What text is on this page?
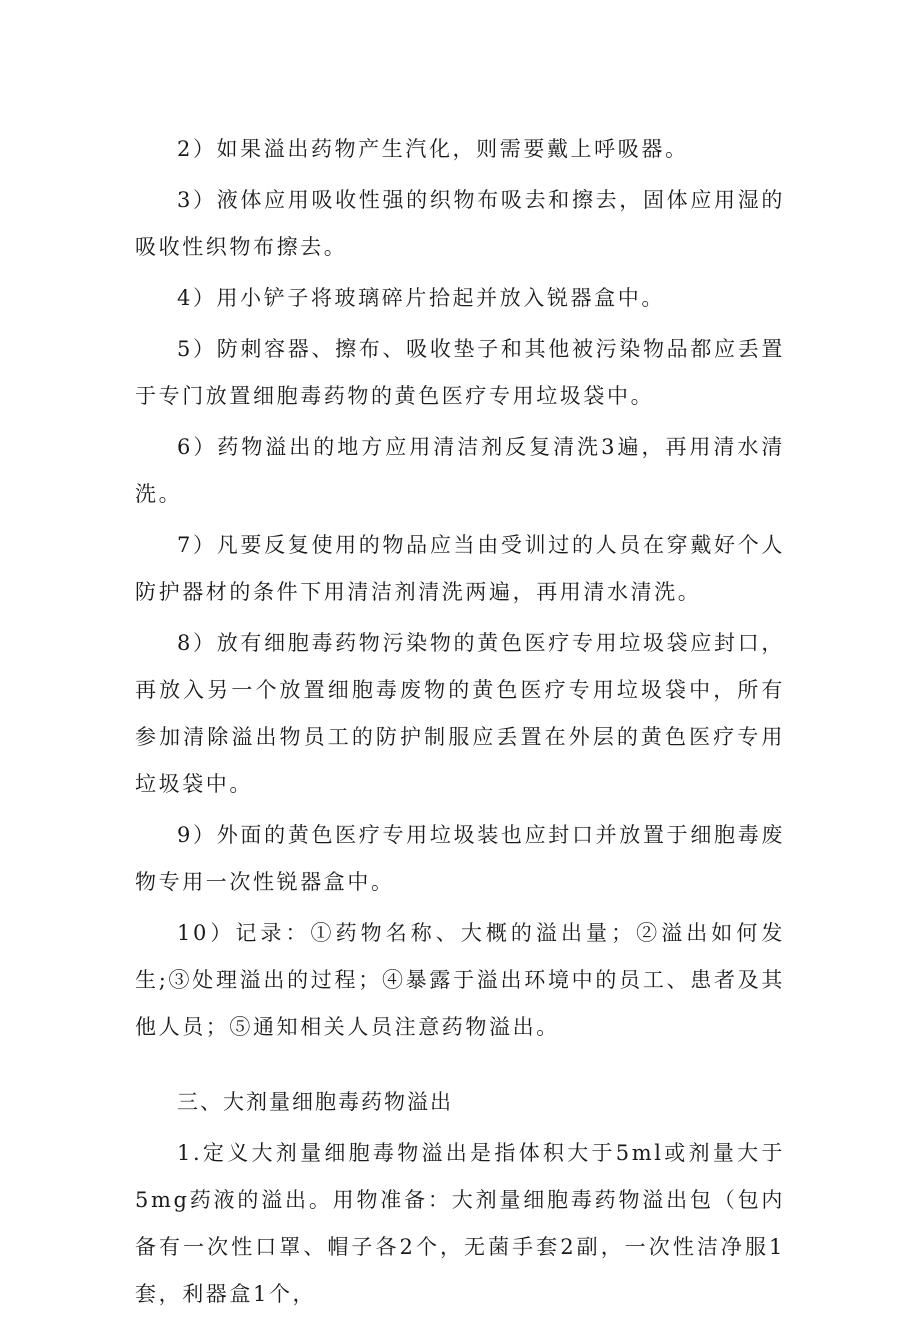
2）如果溢出药物产生汽化，则需要戴上呼吸器。

3）液体应用吸收性强的织物布吸去和擦去，固体应用湿的吸收性织物布擦去。

4）用小铲子将玻璃碎片拾起并放入锐器盒中。

5）防刺容器、擦布、吸收垫子和其他被污染物品都应丢置于专门放置细胞毒药物的黄色医疗专用垃圾袋中。

6）药物溢出的地方应用清洁剂反复清洗3遍，再用清水清洗。

7）凡要反复使用的物品应当由受训过的人员在穿戴好个人防护器材的条件下用清洁剂清洗两遍，再用清水清洗。

8）放有细胞毒药物污染物的黄色医疗专用垃圾袋应封口，再放入另一个放置细胞毒废物的黄色医疗专用垃圾袋中，所有参加清除溢出物员工的防护制服应丢置在外层的黄色医疗专用垃圾袋中。

9）外面的黄色医疗专用垃圾装也应封口并放置于细胞毒废物专用一次性锐器盒中。

10）记录：①药物名称、大概的溢出量；②溢出如何发生;③处理溢出的过程；④暴露于溢出环境中的员工、患者及其他人员；⑤通知相关人员注意药物溢出。

三、大剂量细胞毒药物溢出

1.定义大剂量细胞毒物溢出是指体积大于5ml或剂量大于5mg药液的溢出。用物准备：大剂量细胞毒药物溢出包（包内备有一次性口罩、帽子各2个，无菌手套2副，一次性洁净服1套，利器盒1个，
